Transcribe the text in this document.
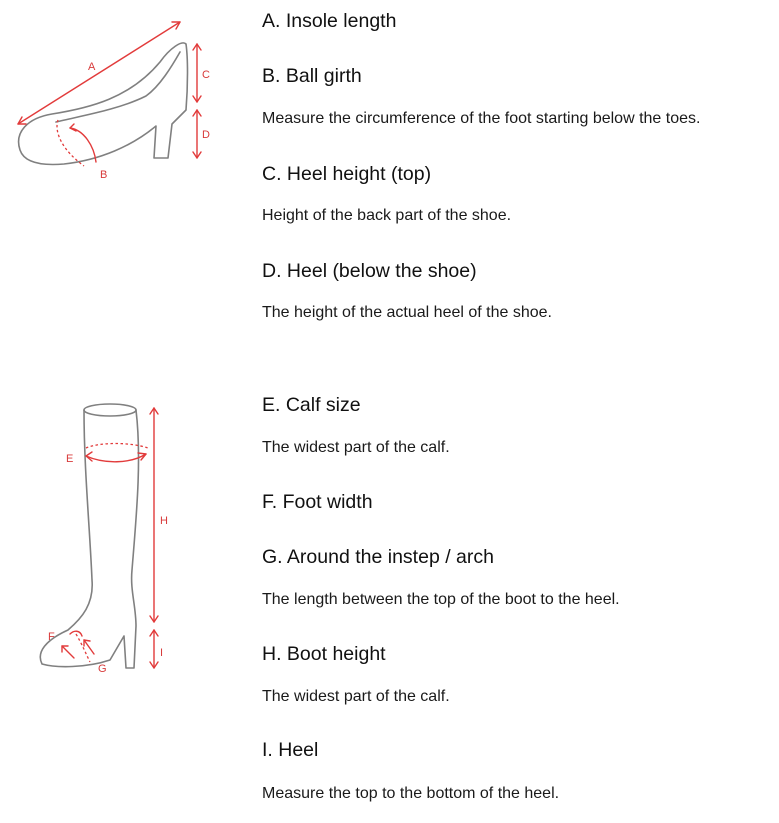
A
B
C
D
E
H
I
F
G
A. Insole length
B. Ball girth

Measure the circumference of the foot starting below the toes.

C. Heel height (top)

Height of the back part of the shoe.

D. Heel (below the shoe)

The height of the actual heel of the shoe.

E. Calf size

The widest part of the calf.

F. Foot width
G. Around the instep / arch

The length between the top of the boot to the heel.

H. Boot height

The widest part of the calf.

I. Heel

Measure the top to the bottom of the heel.
